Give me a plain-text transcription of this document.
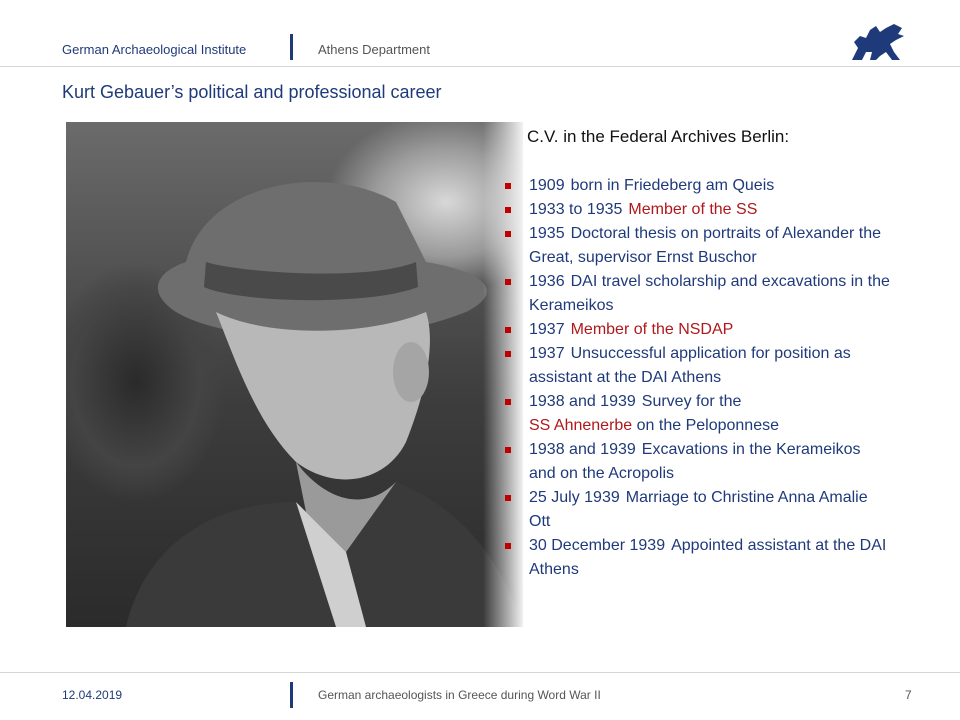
German Archaeological Institute	Athens Department
Kurt Gebauer’s political and professional career
C.V. in the Federal Archives Berlin:
1909 born in Friedeberg am Queis
1933 to 1935 Member of the SS
1935 Doctoral thesis on portraits of Alexander the Great, supervisor Ernst Buschor
1936 DAI travel scholarship and excavations in the Kerameikos
1937 Member of the NSDAP
1937 Unsuccessful application for position as assistant at the DAI Athens
1938 and 1939 Survey for the
SS Ahnenerbe on the Peloponnese
1938 and 1939 Excavations in the Kerameikos and on the Acropolis
25 July 1939 Marriage to Christine Anna Amalie Ott
30 December 1939 Appointed assistant at the DAI Athens
12.04.2019	German archaeologists in Greece during Word War II	7
